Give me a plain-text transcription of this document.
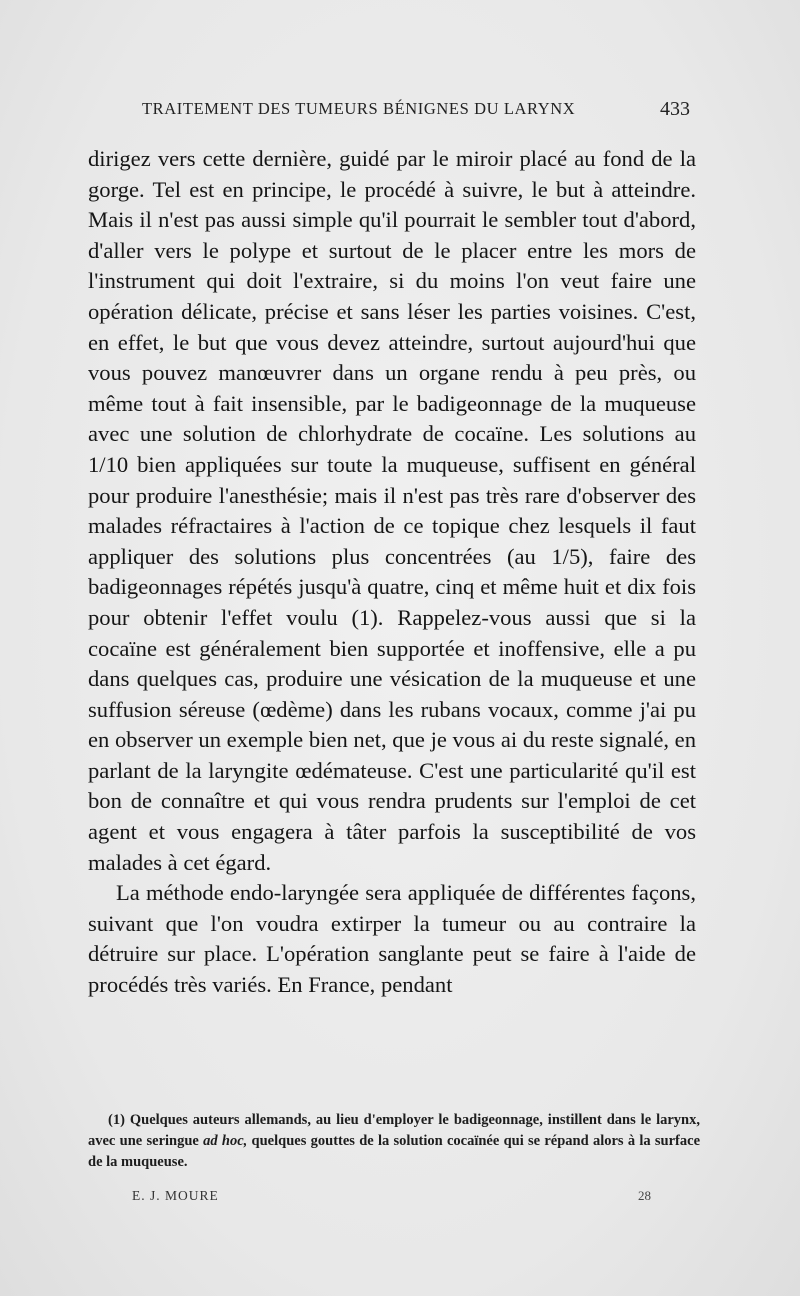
TRAITEMENT DES TUMEURS BÉNIGNES DU LARYNX	433

dirigez vers cette dernière, guidé par le miroir placé au fond de la gorge. Tel est en principe, le procédé à suivre, le but à atteindre. Mais il n'est pas aussi simple qu'il pourrait le sembler tout d'abord, d'aller vers le polype et surtout de le placer entre les mors de l'instrument qui doit l'extraire, si du moins l'on veut faire une opération délicate, précise et sans léser les parties voisines. C'est, en effet, le but que vous devez atteindre, surtout aujourd'hui que vous pouvez manœuvrer dans un organe rendu à peu près, ou même tout à fait insensible, par le badigeonnage de la muqueuse avec une solution de chlorhydrate de cocaïne. Les solutions au 1/10 bien appliquées sur toute la muqueuse, suffisent en général pour produire l'anesthésie; mais il n'est pas très rare d'observer des malades réfractaires à l'action de ce topique chez lesquels il faut appliquer des solutions plus concentrées (au 1/5), faire des badigeonnages répétés jusqu'à quatre, cinq et même huit et dix fois pour obtenir l'effet voulu (1). Rappelez-vous aussi que si la cocaïne est généralement bien supportée et inoffensive, elle a pu dans quelques cas, produire une vésication de la muqueuse et une suffusion séreuse (œdème) dans les rubans vocaux, comme j'ai pu en observer un exemple bien net, que je vous ai du reste signalé, en parlant de la laryngite œdémateuse. C'est une particularité qu'il est bon de connaître et qui vous rendra prudents sur l'emploi de cet agent et vous engagera à tâter parfois la susceptibilité de vos malades à cet égard.

La méthode endo-laryngée sera appliquée de différentes façons, suivant que l'on voudra extirper la tumeur ou au contraire la détruire sur place. L'opération sanglante peut se faire à l'aide de procédés très variés. En France, pendant

(1) Quelques auteurs allemands, au lieu d'employer le badigeonnage, instillent dans le larynx, avec une seringue ad hoc, quelques gouttes de la solution cocaïnée qui se répand alors à la surface de la muqueuse.
E. J. MOURE	28
